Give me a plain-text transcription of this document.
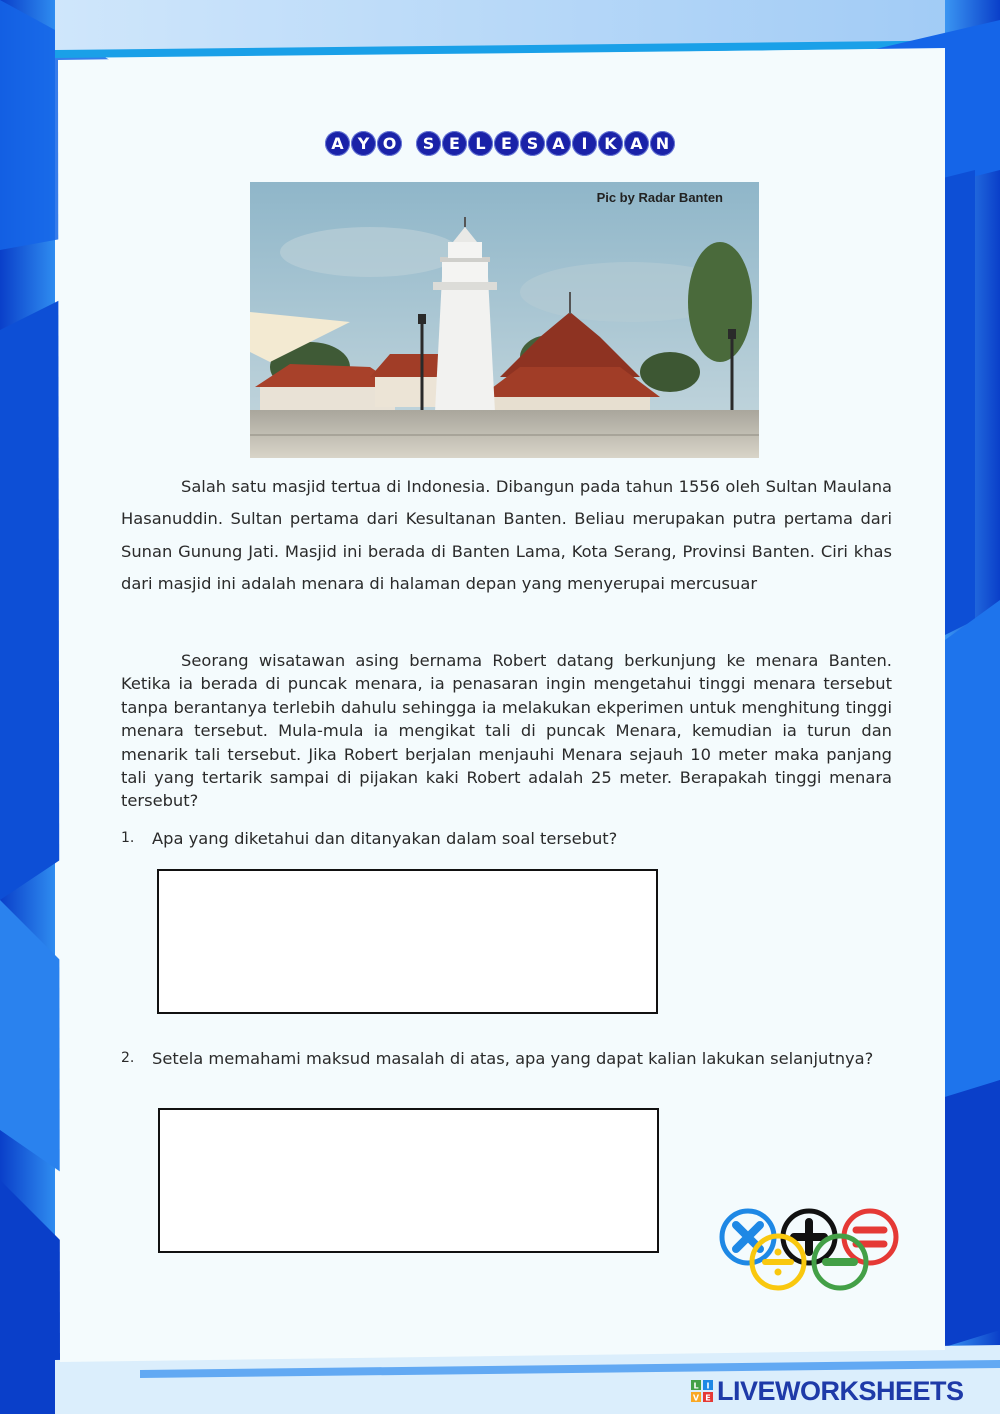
A Y O	S E L E S A	I	K A N
Pic by Radar Banten
Salah satu masjid tertua di Indonesia. Dibangun pada tahun 1556 oleh Sultan Maulana Hasanuddin. Sultan pertama dari Kesultanan Banten. Beliau merupakan putra pertama dari Sunan Gunung Jati. Masjid ini berada di Banten Lama, Kota Serang, Provinsi Banten. Ciri khas dari masjid ini adalah menara di halaman depan yang menyerupai mercusuar
Seorang wisatawan asing bernama Robert datang berkunjung ke menara Banten. Ketika ia berada di puncak menara, ia penasaran ingin mengetahui tinggi menara tersebut tanpa berantanya terlebih dahulu sehingga ia melakukan ekperimen untuk menghitung tinggi menara tersebut. Mula-mula ia mengikat tali di puncak Menara, kemudian ia turun dan menarik tali tersebut. Jika Robert berjalan menjauhi Menara sejauh 10 meter maka panjang tali yang tertarik sampai di pijakan kaki Robert adalah 25 meter. Berapakah tinggi menara tersebut?
1.	Apa yang diketahui dan ditanyakan dalam soal tersebut?
2.	Setela memahami maksud masalah di atas, apa yang dapat kalian lakukan selanjutnya?
L I
V E LIVEWORKSHEETS
